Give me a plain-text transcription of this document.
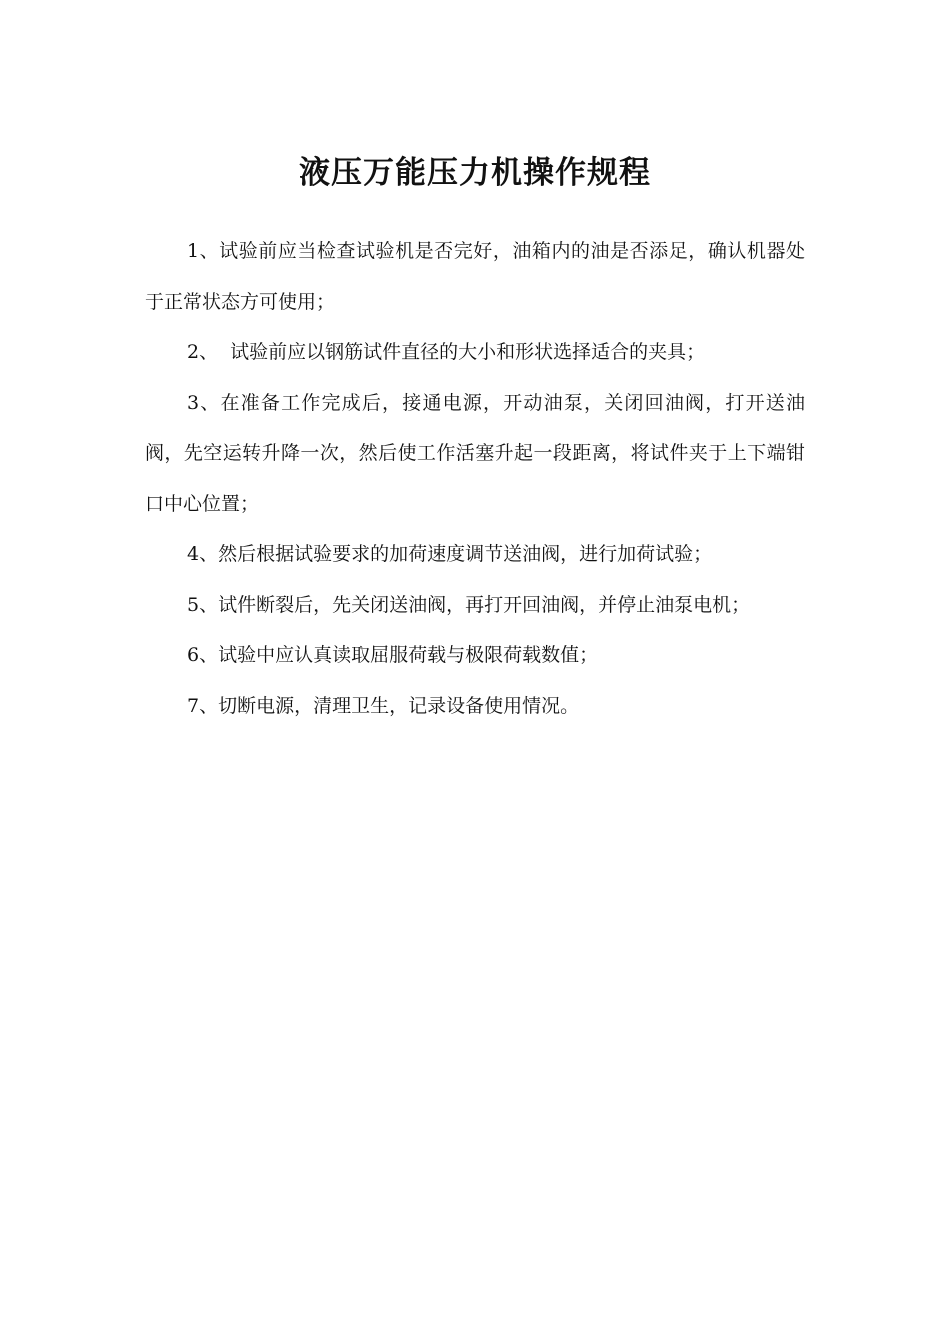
液压万能压力机操作规程

1、试验前应当检查试验机是否完好，油箱内的油是否添足，确认机器处于正常状态方可使用；

2、  试验前应以钢筋试件直径的大小和形状选择适合的夹具；

3、在准备工作完成后，接通电源，开动油泵，关闭回油阀，打开送油阀，先空运转升降一次，然后使工作活塞升起一段距离，将试件夹于上下端钳口中心位置；

4、然后根据试验要求的加荷速度调节送油阀，进行加荷试验；

5、试件断裂后，先关闭送油阀，再打开回油阀，并停止油泵电机；

6、试验中应认真读取屈服荷载与极限荷载数值；

7、切断电源，清理卫生，记录设备使用情况。
